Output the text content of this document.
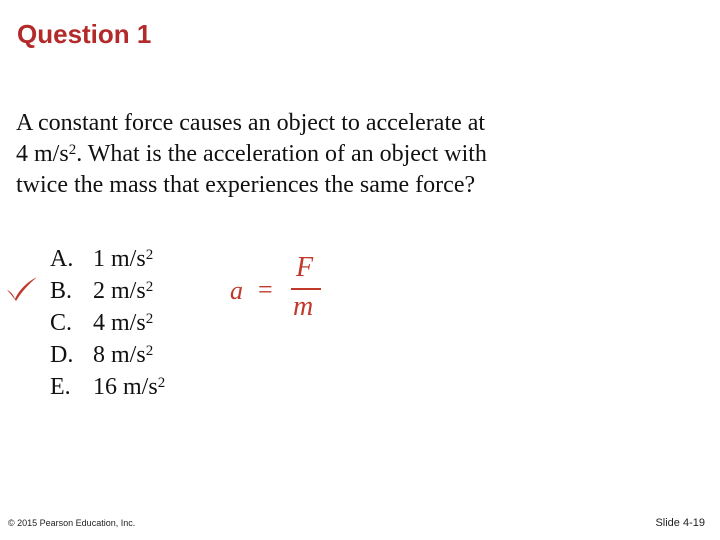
Question 1
A constant force causes an object to accelerate at
4 $m/s^2$. What is the acceleration of an object with
twice the mass that experiences the same force?
A. 1 $m/s^2$
B. 2 $m/s^2$
C. 4 $m/s^2$
D. 8 $m/s^2$
E. 16 $m/s^2$
a =
F
m
© 2015 Pearson Education, Inc.	Slide 4-19
